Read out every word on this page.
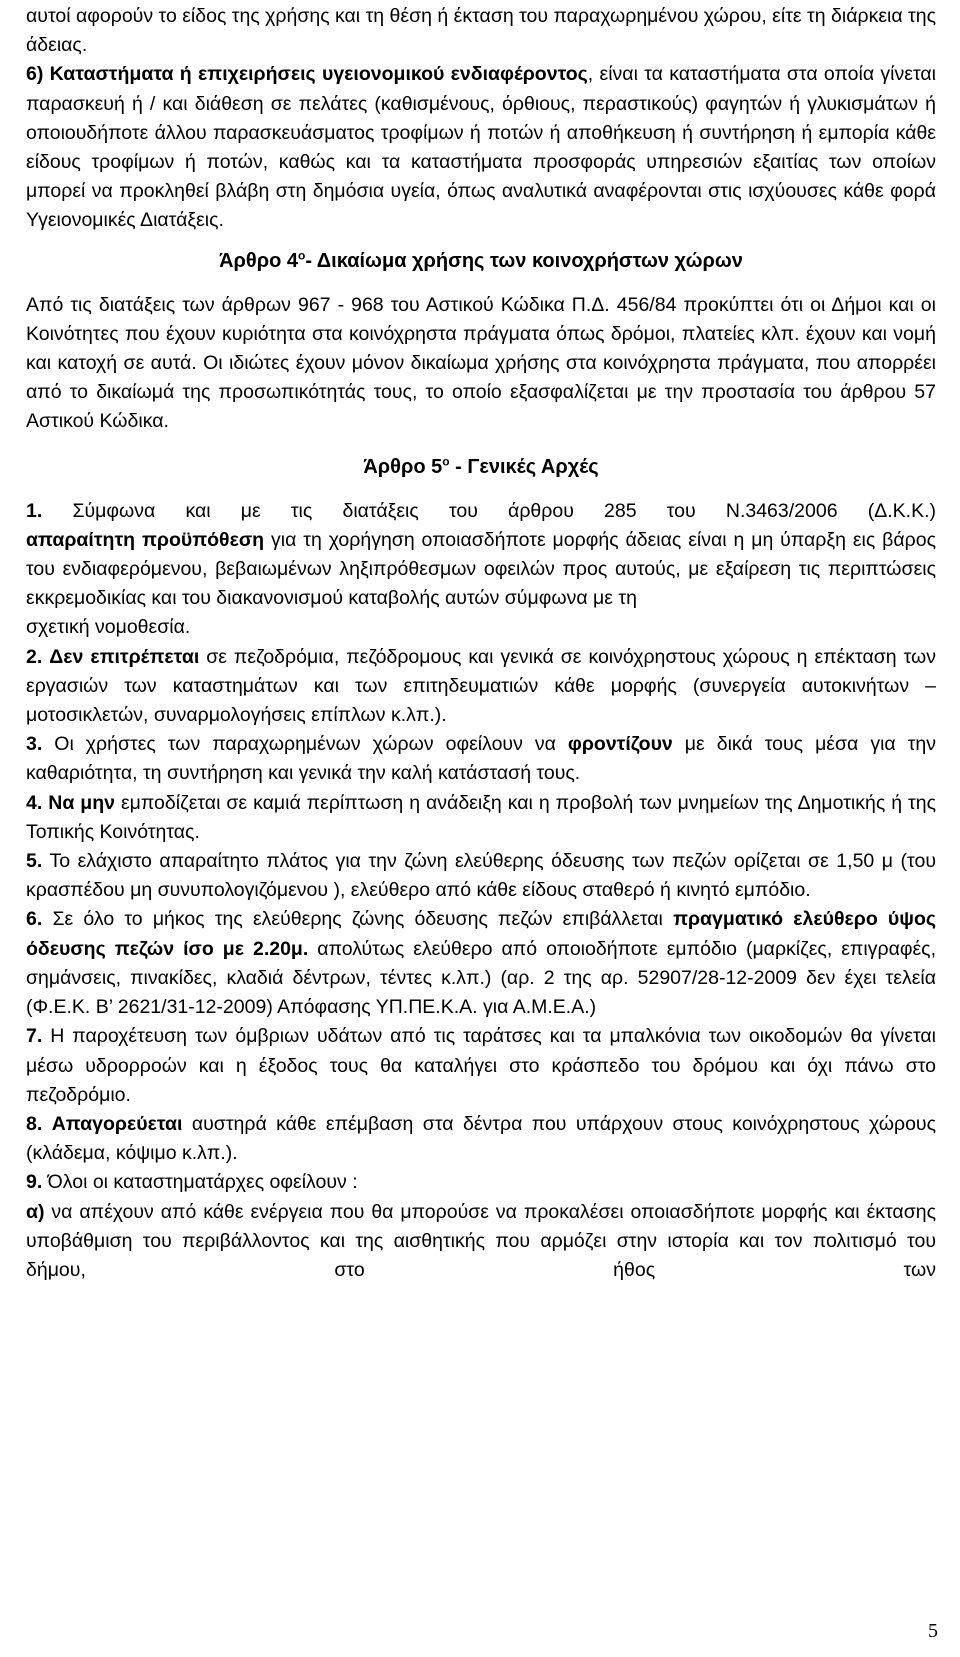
αυτοί αφορούν το είδος της χρήσης και τη θέση ή έκταση του παραχωρημένου χώρου, είτε τη διάρκεια της άδειας.

6) Καταστήματα ή επιχειρήσεις υγειονομικού ενδιαφέροντος, είναι τα καταστήματα στα οποία γίνεται παρασκευή ή / και διάθεση σε πελάτες (καθισμένους, όρθιους, περαστικούς) φαγητών ή γλυκισμάτων ή οποιουδήποτε άλλου παρασκευάσματος τροφίμων ή ποτών ή αποθήκευση ή συντήρηση ή εμπορία κάθε είδους τροφίμων ή ποτών, καθώς και τα καταστήματα προσφοράς υπηρεσιών εξαιτίας των οποίων μπορεί να προκληθεί βλάβη στη δημόσια υγεία, όπως αναλυτικά αναφέρονται στις ισχύουσες κάθε φορά Υγειονομικές Διατάξεις.

Άρθρο $4^o-$ Δικαίωμα χρήσης των κοινοχρήστων χώρων

Από τις διατάξεις των άρθρων 967 - 968 του Αστικού Κώδικα Π.Δ. 456/84 προκύπτει ότι οι Δήμοι και οι Κοινότητες που έχουν κυριότητα στα κοινόχρηστα πράγματα όπως δρόμοι, πλατείες κλπ. έχουν και νομή και κατοχή σε αυτά. Οι ιδιώτες έχουν μόνον δικαίωμα χρήσης στα κοινόχρηστα πράγματα, που απορρέει από το δικαίωμά της προσωπικότητάς τους, το οποίο εξασφαλίζεται με την προστασία του άρθρου 57 Αστικού Κώδικα.

Άρθρο $5^o$ - Γενικές Αρχές

1. Σύμφωνα και με τις διατάξεις του άρθρου 285 του Ν.3463/2006 (Δ.Κ.Κ.)

απαραίτητη προϋπόθεση για τη χορήγηση οποιασδήποτε μορφής άδειας είναι η μη ύπαρξη εις βάρος του ενδιαφερόμενου, βεβαιωμένων ληξιπρόθεσμων οφειλών προς αυτούς, με εξαίρεση τις περιπτώσεις εκκρεμοδικίας και του διακανονισμού καταβολής αυτών σύμφωνα με τη

σχετική νομοθεσία.

2. Δεν επιτρέπεται σε πεζοδρόμια, πεζόδρομους και γενικά σε κοινόχρηστους χώρους η επέκταση των εργασιών των καταστημάτων και των επιτηδευματιών κάθε μορφής (συνεργεία αυτοκινήτων – μοτοσικλετών, συναρμολογήσεις επίπλων κ.λπ.).

3. Οι χρήστες των παραχωρημένων χώρων οφείλουν να φροντίζουν με δικά τους μέσα για την καθαριότητα, τη συντήρηση και γενικά την καλή κατάστασή τους.

4. Να μην εμποδίζεται σε καμιά περίπτωση η ανάδειξη και η προβολή των μνημείων της Δημοτικής ή της Τοπικής Κοινότητας.

5. Το ελάχιστο απαραίτητο πλάτος για την ζώνη ελεύθερης όδευσης των πεζών ορίζεται σε 1,50 μ (του κρασπέδου μη συνυπολογιζόμενου ), ελεύθερο από κάθε είδους σταθερό ή κινητό εμπόδιο.

6. Σε όλο το μήκος της ελεύθερης ζώνης όδευσης πεζών επιβάλλεται πραγματικό ελεύθερο ύψος όδευσης πεζών ίσο με 2.20μ. απολύτως ελεύθερο από οποιοδήποτε εμπόδιο (μαρκίζες, επιγραφές, σημάνσεις, πινακίδες, κλαδιά δέντρων, τέντες κ.λπ.) (αρ. 2 της αρ. 52907/28-12-2009 δεν έχει τελεία (Φ.Ε.Κ. Β’ 2621/31-12-2009) Απόφασης ΥΠ.ΠΕ.Κ.Α. για Α.Μ.Ε.Α.)

7. Η παροχέτευση των όμβριων υδάτων από τις ταράτσες και τα μπαλκόνια των οικοδομών θα γίνεται μέσω υδρορροών και η έξοδος τους θα καταλήγει στο κράσπεδο του δρόμου και όχι πάνω στο πεζοδρόμιο.

8. Απαγορεύεται αυστηρά κάθε επέμβαση στα δέντρα που υπάρχουν στους κοινόχρηστους χώρους (κλάδεμα, κόψιμο κ.λπ.).

9. Όλοι οι καταστηματάρχες οφείλουν :

α) να απέχουν από κάθε ενέργεια που θα μπορούσε να προκαλέσει οποιασδήποτε μορφής και έκτασης υποβάθμιση του περιβάλλοντος και της αισθητικής που αρμόζει στην ιστορία και τον πολιτισμό του δήμου, στο ήθος των

5
